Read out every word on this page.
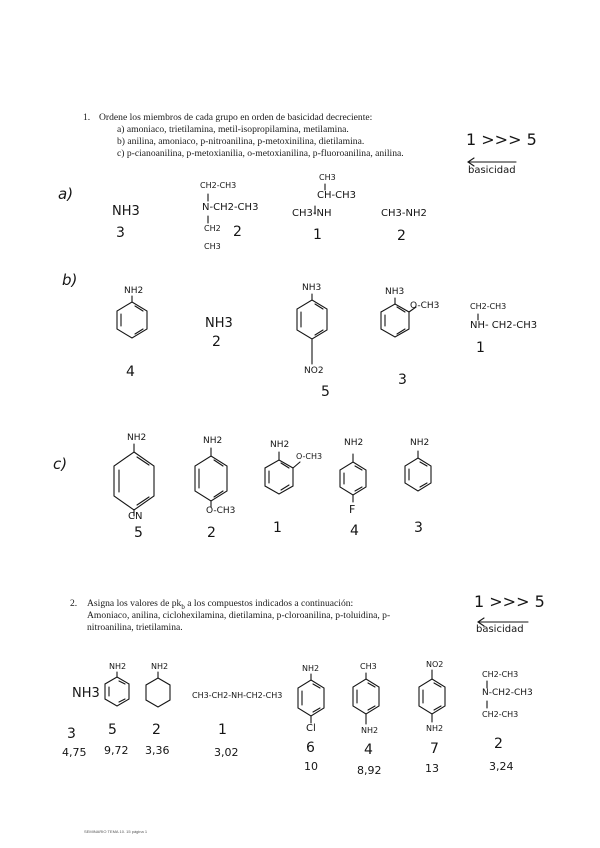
1. Ordene los miembros de cada grupo en orden de basicidad decreciente:
a) amoniaco, trietilamina, metil-isopropilamina, metilamina.
b) anilina, amoniaco, p-nitroanilina, p-metoxinilina, dietilamina.
c) p-cianoanilina, p-metoxianilia, o-metoxianilina, p-fluoroanilina, anilina.
1 >>> 5
basicidad
2. Asigna los valores de $pk_b$ a los compuestos indicados a continuación:
Amoniaco, anilina, ciclohexilamina, dietilamina, p-cloroanilina, p-toluidina, p-
nitroanilina, trietilamina.
1 >>> 5
basicidad
a)
NH3
3
CH2-CH3
N-CH2-CH3
CH2
CH3
2
CH3
CH-CH3
CH3-NH
1
CH3-NH2
2
b)
NH2
4
NH3
2
NH3
NO2
5
NH3
O-CH3
3
CH2-CH3
NH- CH2-CH3
1
c)
NH2
CN
5
NH2
O-CH3
2
NH2
O-CH3
1
NH2
F
4
NH2
3
NH3
3
4,75
NH2
5
9,72
NH2
2
3,36
CH3-CH2-NH-CH2-CH3
1
3,02
NH2
Cl
6
10
CH3
NH2
4
8,92
NO2
NH2
7
13
CH2-CH3
N-CH2-CH3
CH2-CH3
2
3,24
SEMINARIO TEMA 10. 15 página 1
